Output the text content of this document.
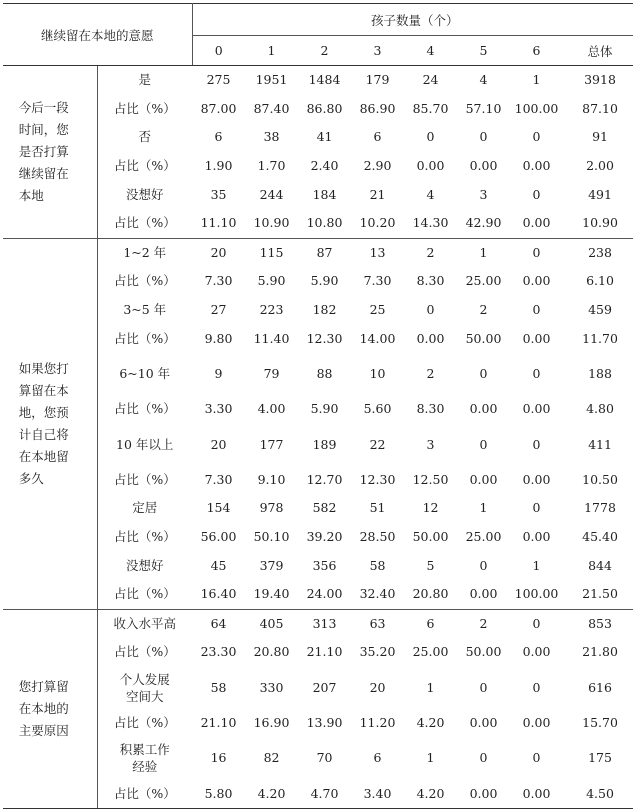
继续留在本地的意愿		孩子数量（个）							
		0	1	2	3	4	5	6	总体
今后一段时间，您是否打算继续留在本地	是	275	1951	1484	179	24	4	1	3918
	占比（%）	87.00	87.40	86.80	86.90	85.70	57.10	100.00	87.10
	否	6	38	41	6	0	0	0	91
	占比（%）	1.90	1.70	2.40	2.90	0.00	0.00	0.00	2.00
	没想好	35	244	184	21	4	3	0	491
	占比（%）	11.10	10.90	10.80	10.20	14.30	42.90	0.00	10.90
如果您打算留在本地，您预计自己将在本地留多久	1~2 年	20	115	87	13	2	1	0	238
	占比（%）	7.30	5.90	5.90	7.30	8.30	25.00	0.00	6.10
	3~5 年	27	223	182	25	0	2	0	459
	占比（%）	9.80	11.40	12.30	14.00	0.00	50.00	0.00	11.70
	6~10 年	9	79	88	10	2	0	0	188
	占比（%）	3.30	4.00	5.90	5.60	8.30	0.00	0.00	4.80
	10 年以上	20	177	189	22	3	0	0	411
	占比（%）	7.30	9.10	12.70	12.30	12.50	0.00	0.00	10.50
	定居	154	978	582	51	12	1	0	1778
	占比（%）	56.00	50.10	39.20	28.50	50.00	25.00	0.00	45.40
	没想好	45	379	356	58	5	0	1	844
	占比（%）	16.40	19.40	24.00	32.40	20.80	0.00	100.00	21.50
您打算留在本地的主要原因	收入水平高	64	405	313	63	6	2	0	853
	占比（%）	23.30	20.80	21.10	35.20	25.00	50.00	0.00	21.80
	个人发展空间大	58	330	207	20	1	0	0	616
	占比（%）	21.10	16.90	13.90	11.20	4.20	0.00	0.00	15.70
	积累工作经验	16	82	70	6	1	0	0	175
	占比（%）	5.80	4.20	4.70	3.40	4.20	0.00	0.00	4.50
